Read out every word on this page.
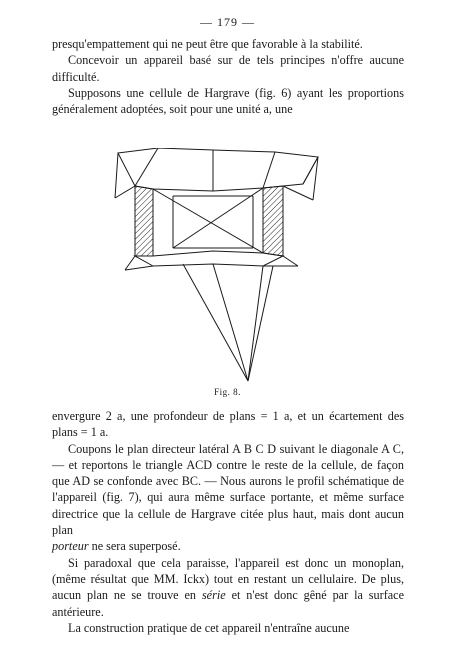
— 179 —

presqu'empattement qui ne peut être que favorable à la stabilité.

Concevoir un appareil basé sur de tels principes n'offre aucune difficulté.

Supposons une cellule de Hargrave (fig. 6) ayant les proportions généralement adoptées, soit pour une unité a, une

Fig. 8.

envergure 2 a, une profondeur de plans = 1 a, et un écartement des plans = 1 a.

Coupons le plan directeur latéral A B C D suivant le diagonale A C, — et reportons le triangle ACD contre le reste de la cellule, de façon que AD se confonde avec BC. — Nous aurons le profil schématique de l'appareil (fig. 7), qui aura même surface portante, et même surface directrice que la cellule de Hargrave citée plus haut, mais dont aucun plan

porteur ne sera superposé.

Si paradoxal que cela paraisse, l'appareil est donc un monoplan, (même résultat que MM. Ickx) tout en restant un cellulaire. De plus, aucun plan ne se trouve en série et n'est donc gêné par la surface antérieure.

La construction pratique de cet appareil n'entraîne aucune
